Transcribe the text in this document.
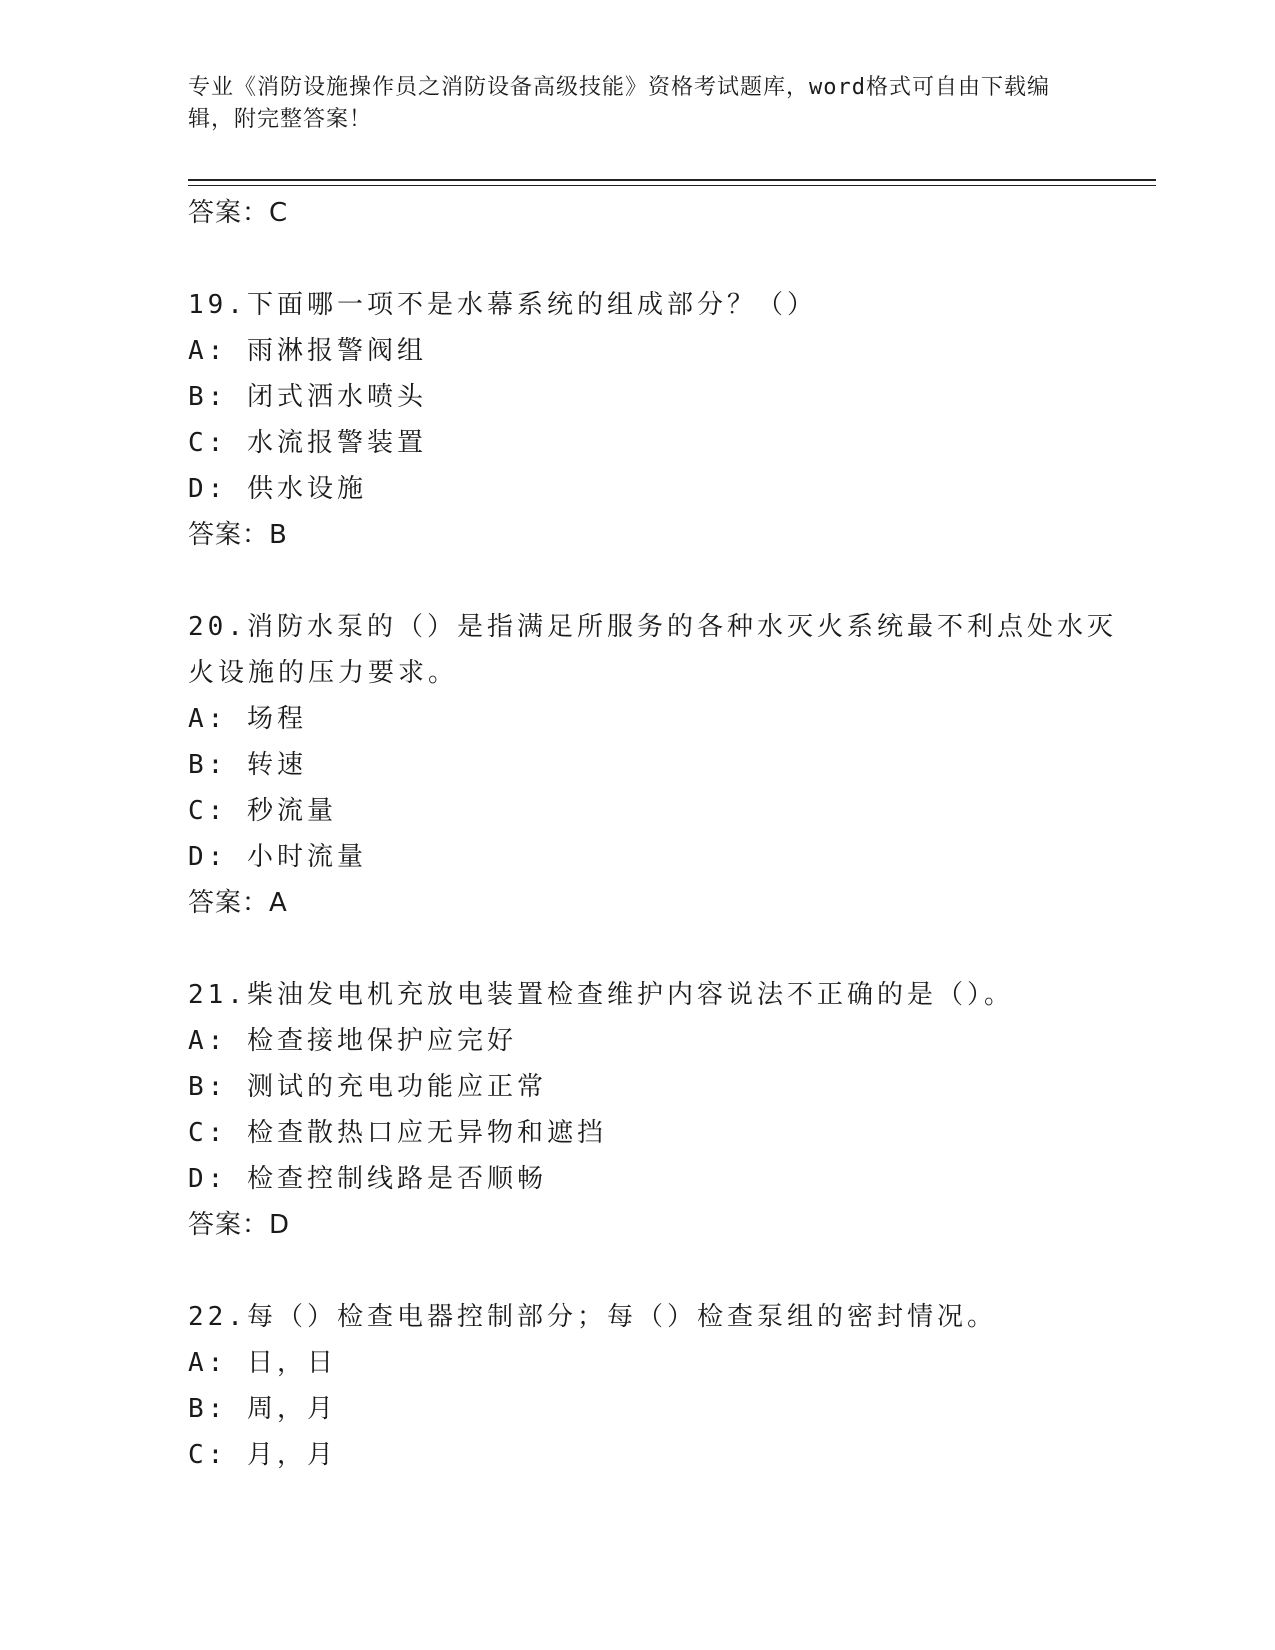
专业《消防设施操作员之消防设备高级技能》资格考试题库，word格式可自由下载编辑，附完整答案！
答案：C
19.下面哪一项不是水幕系统的组成部分？（）
A: 雨淋报警阀组
B: 闭式洒水喷头
C: 水流报警装置
D: 供水设施
答案：B
20.消防水泵的（）是指满足所服务的各种水灭火系统最不利点处水灭火设施的压力要求。
A: 场程
B: 转速
C: 秒流量
D: 小时流量
答案：A
21.柴油发电机充放电装置检查维护内容说法不正确的是（）。
A: 检查接地保护应完好
B: 测试的充电功能应正常
C: 检查散热口应无异物和遮挡
D: 检查控制线路是否顺畅
答案：D
22.每（）检查电器控制部分；每（）检查泵组的密封情况。
A: 日，日
B: 周，月
C: 月，月
